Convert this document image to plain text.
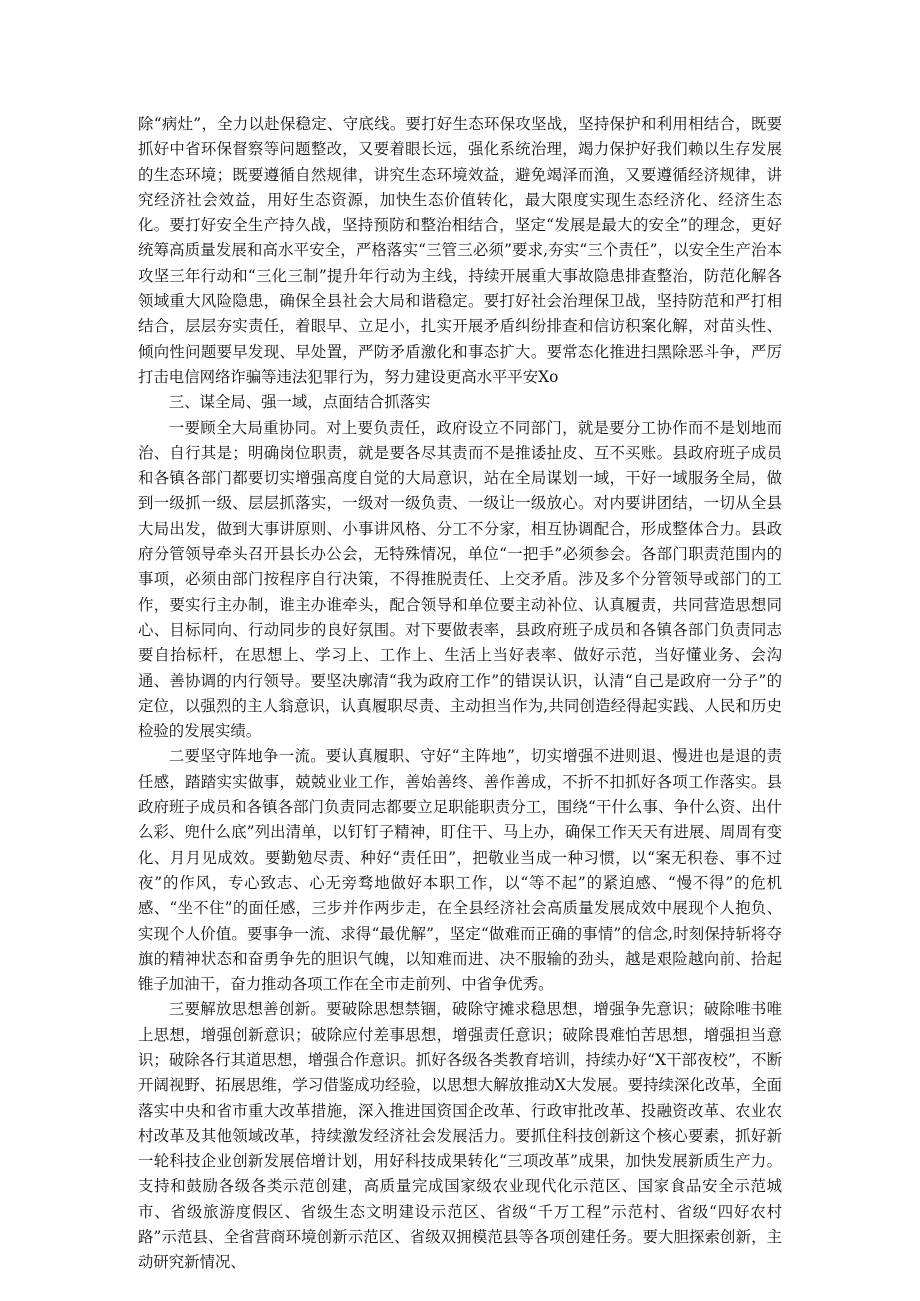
除“病灶”，全力以赴保稳定、守底线。要打好生态环保攻坚战，坚持保护和利用相结合，既要抓好中省环保督察等问题整改，又要着眼长远，强化系统治理，竭力保护好我们赖以生存发展的生态环境；既要遵循自然规律，讲究生态环境效益，避免竭泽而渔，又要遵循经济规律，讲究经济社会效益，用好生态资源，加快生态价值转化，最大限度实现生态经济化、经济生态化。要打好安全生产持久战，坚持预防和整治相结合，坚定“发展是最大的安全”的理念，更好统筹高质量发展和高水平安全，严格落实“三管三必须”要求,夯实“三个责任”，以安全生产治本攻坚三年行动和“三化三制”提升年行动为主线，持续开展重大事故隐患排查整治，防范化解各领域重大风险隐患，确保全县社会大局和谐稳定。要打好社会治理保卫战，坚持防范和严打相结合，层层夯实责任，着眼早、立足小，扎实开展矛盾纠纷排查和信访积案化解，对苗头性、倾向性问题要早发现、早处置，严防矛盾激化和事态扩大。要常态化推进扫黑除恶斗争，严厉打击电信网络诈骗等违法犯罪行为，努力建设更高水平平安Xo

三、谋全局、强一域，点面结合抓落实

一要顾全大局重协同。对上要负责任，政府设立不同部门，就是要分工协作而不是划地而治、自行其是；明确岗位职责，就是要各尽其责而不是推诿扯皮、互不买账。县政府班子成员和各镇各部门都要切实增强高度自觉的大局意识，站在全局谋划一域，干好一域服务全局，做到一级抓一级、层层抓落实，一级对一级负责、一级让一级放心。对内要讲团结，一切从全县大局出发，做到大事讲原则、小事讲风格、分工不分家，相互协调配合，形成整体合力。县政府分管领导牵头召开县长办公会，无特殊情况，单位“一把手”必须参会。各部门职责范围内的事项，必须由部门按程序自行决策，不得推脱责任、上交矛盾。涉及多个分管领导或部门的工作，要实行主办制，谁主办谁牵头，配合领导和单位要主动补位、认真履责，共同营造思想同心、目标同向、行动同步的良好氛围。对下要做表率，县政府班子成员和各镇各部门负责同志要自抬标杆，在思想上、学习上、工作上、生活上当好表率、做好示范，当好懂业务、会沟通、善协调的内行领导。要坚决廓清“我为政府工作”的错误认识，认清“自己是政府一分子”的定位，以强烈的主人翁意识，认真履职尽责、主动担当作为,共同创造经得起实践、人民和历史检验的发展实绩。

二要坚守阵地争一流。要认真履职、守好“主阵地”，切实增强不进则退、慢进也是退的责任感，踏踏实实做事，兢兢业业工作，善始善终、善作善成，不折不扣抓好各项工作落实。县政府班子成员和各镇各部门负责同志都要立足职能职责分工，围绕“干什么事、争什么资、出什么彩、兜什么底”列出清单，以钉钉子精神，盯住干、马上办，确保工作天天有进展、周周有变化、月月见成效。要勤勉尽责、种好“责任田”，把敬业当成一种习惯，以“案无积卷、事不过夜”的作风，专心致志、心无旁骛地做好本职工作，以“等不起”的紧迫感、“慢不得”的危机感、“坐不住”的面任感，三步并作两步走，在全县经济社会高质量发展成效中展现个人抱负、实现个人价值。要事争一流、求得“最优解”，坚定“做难而正确的事情”的信念,时刻保持斩将夺旗的精神状态和奋勇争先的胆识气魄，以知难而进、决不服输的劲头，越是艰险越向前、拾起锥子加油干，奋力推动各项工作在全市走前列、中省争优秀。

三要解放思想善创新。要破除思想禁锢，破除守摊求稳思想，增强争先意识；破除唯书唯上思想，增强创新意识；破除应付差事思想，增强责任意识；破除畏难怕苦思想，增强担当意识；破除各行其道思想，增强合作意识。抓好各级各类教育培训，持续办好“X干部夜校”，不断开阔视野、拓展思维，学习借鉴成功经验，以思想大解放推动X大发展。要持续深化改革，全面落实中央和省市重大改革措施，深入推进国资国企改革、行政审批改革、投融资改革、农业农村改革及其他领域改革，持续激发经济社会发展活力。要抓住科技创新这个核心要素，抓好新一轮科技企业创新发展倍增计划，用好科技成果转化“三项改革”成果，加快发展新质生产力。支持和鼓励各级各类示范创建，高质量完成国家级农业现代化示范区、国家食品安全示范城市、省级旅游度假区、省级生态文明建设示范区、省级“千万工程”示范村、省级“四好农村路”示范县、全省营商环境创新示范区、省级双拥模范县等各项创建任务。要大胆探索创新，主动研究新情况、
